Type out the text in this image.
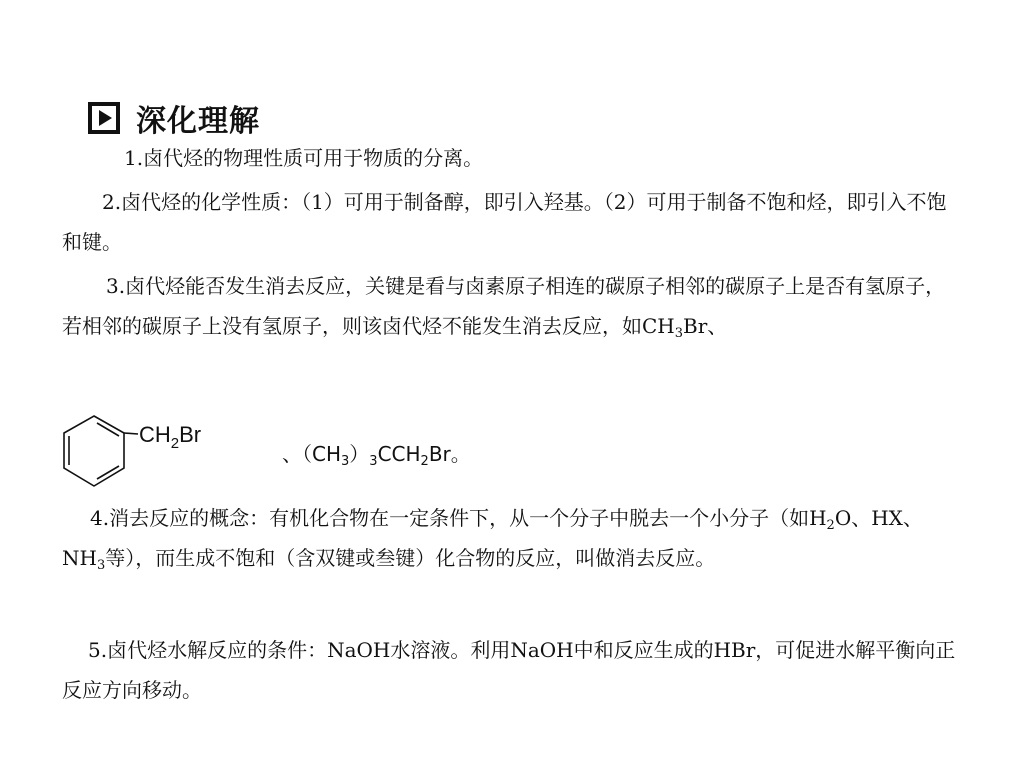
深化理解

1.卤代烃的物理性质可用于物质的分离。

2.卤代烃的化学性质：（1）可用于制备醇，即引入羟基。（2）可用于制备不饱和烃，即引入不饱和键。

3.卤代烃能否发生消去反应，关键是看与卤素原子相连的碳原子相邻的碳原子上是否有氢原子，若相邻的碳原子上没有氢原子，则该卤代烃不能发生消去反应，如$CH_3Br$、

$CH_2Br$
、$(CH_3)_3CCH_2Br$。

4.消去反应的概念：有机化合物在一定条件下，从一个分子中脱去一个小分子（如$H_2O$、HX、$NH_3$等），而生成不饱和（含双键或叁键）化合物的反应，叫做消去反应。

5.卤代烃水解反应的条件：NaOH水溶液。利用NaOH中和反应生成的HBr，可促进水解平衡向正反应方向移动。
